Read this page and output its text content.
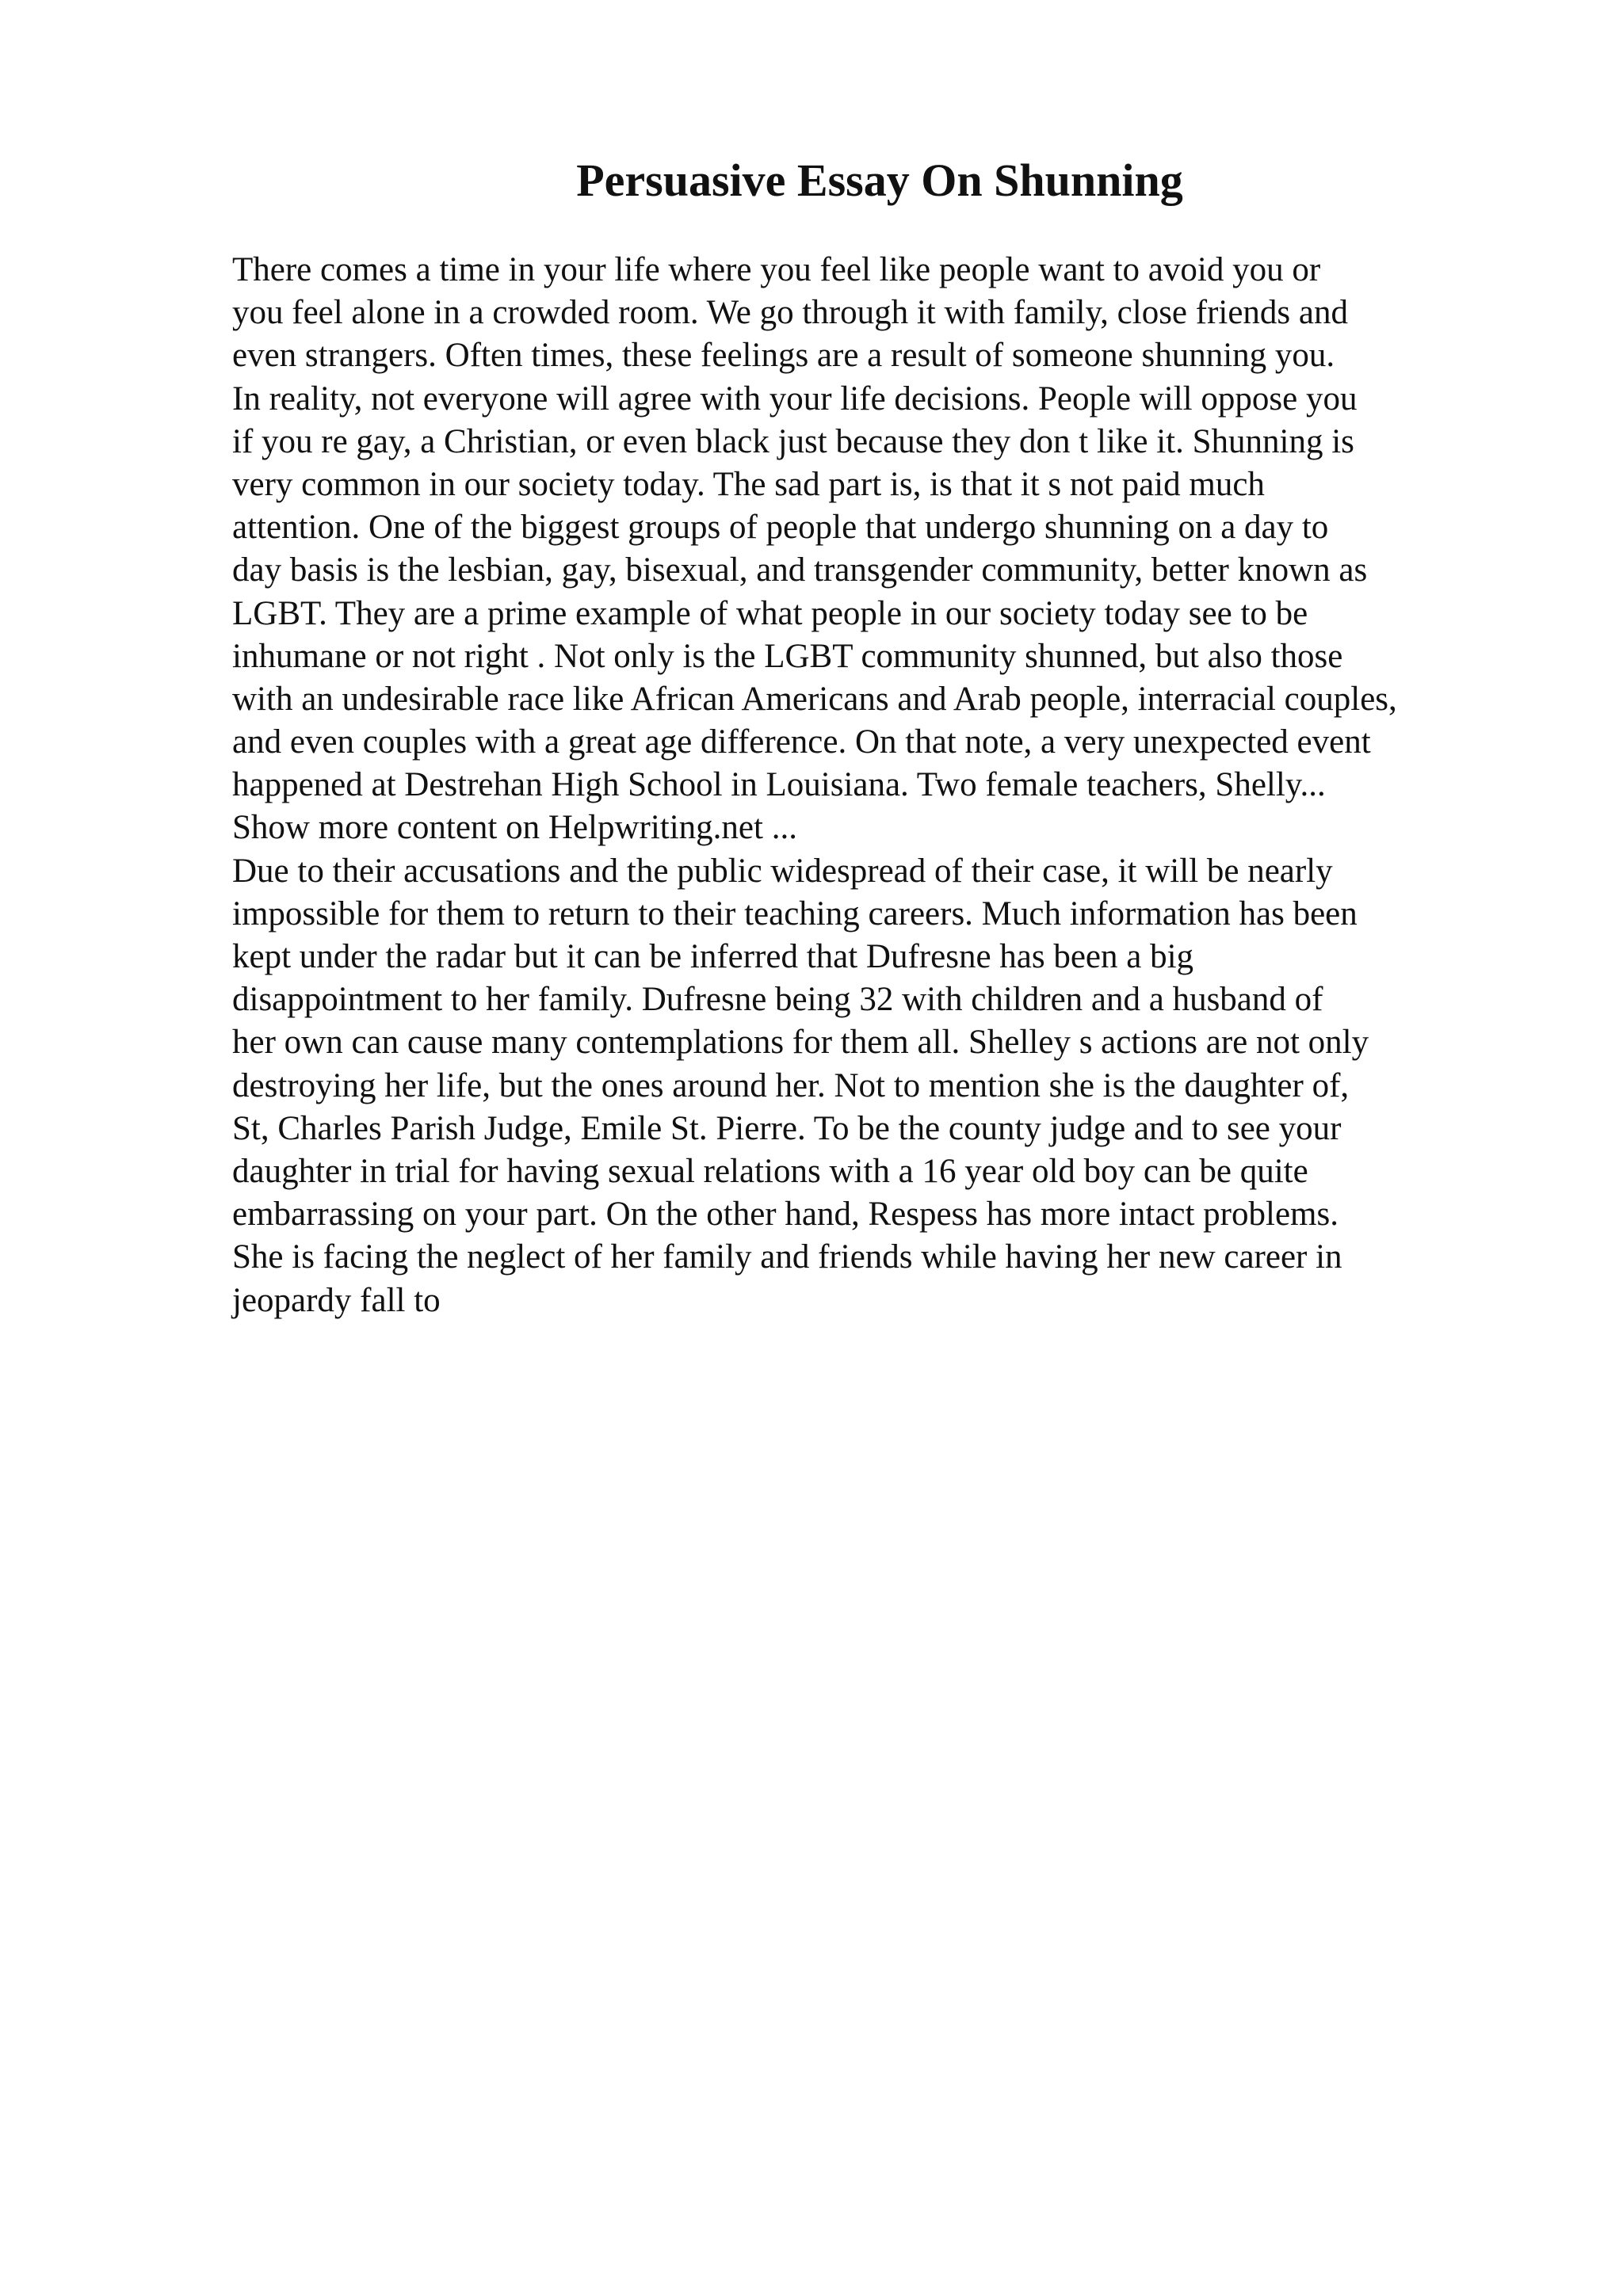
Persuasive Essay On Shunning
There comes a time in your life where you feel like people want to avoid you or
you feel alone in a crowded room. We go through it with family, close friends and
even strangers. Often times, these feelings are a result of someone shunning you.
In reality, not everyone will agree with your life decisions. People will oppose you
if you re gay, a Christian, or even black just because they don t like it. Shunning is
very common in our society today. The sad part is, is that it s not paid much
attention. One of the biggest groups of people that undergo shunning on a day to
day basis is the lesbian, gay, bisexual, and transgender community, better known as
LGBT. They are a prime example of what people in our society today see to be
inhumane or not right . Not only is the LGBT community shunned, but also those
with an undesirable race like African Americans and Arab people, interracial couples,
and even couples with a great age difference. On that note, a very unexpected event
happened at Destrehan High School in Louisiana. Two female teachers, Shelly...
Show more content on Helpwriting.net ...
Due to their accusations and the public widespread of their case, it will be nearly
impossible for them to return to their teaching careers. Much information has been
kept under the radar but it can be inferred that Dufresne has been a big
disappointment to her family. Dufresne being 32 with children and a husband of
her own can cause many contemplations for them all. Shelley s actions are not only
destroying her life, but the ones around her. Not to mention she is the daughter of,
St, Charles Parish Judge, Emile St. Pierre. To be the county judge and to see your
daughter in trial for having sexual relations with a 16 year old boy can be quite
embarrassing on your part. On the other hand, Respess has more intact problems.
She is facing the neglect of her family and friends while having her new career in
jeopardy fall to
